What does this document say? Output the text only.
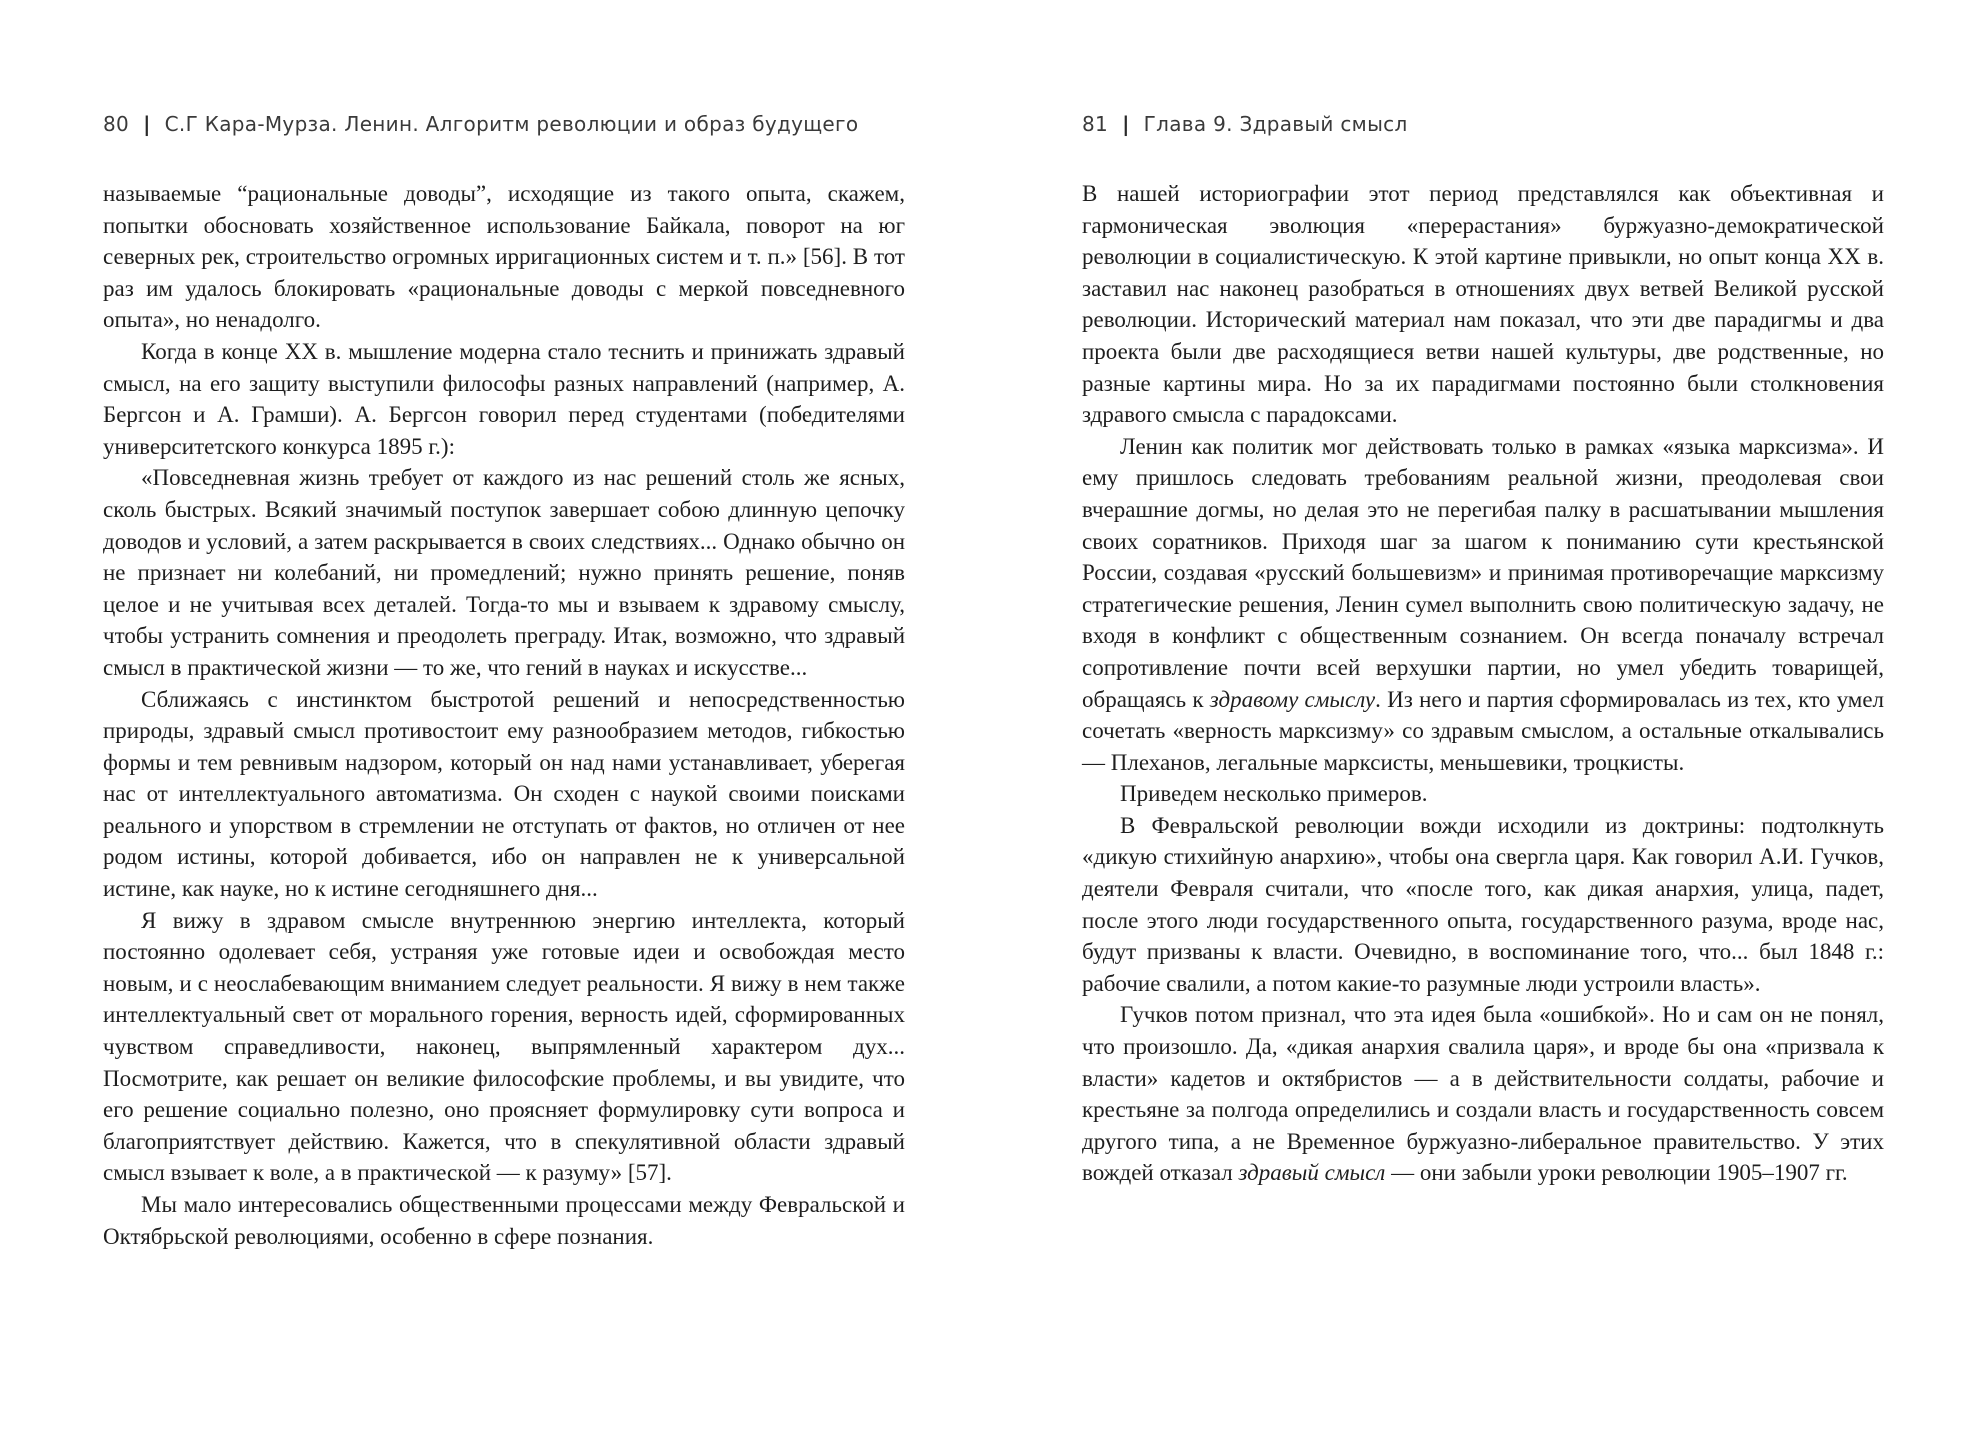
80 | С.Г Кара-Мурза. Ленин. Алгоритм революции и образ будущего

называемые “рациональные доводы”, исходящие из такого опыта, скажем, попытки обосновать хозяйственное использование Байкала, поворот на юг северных рек, строительство огромных ирригационных систем и т. п.» [56]. В тот раз им удалось блокировать «рациональные доводы с меркой повседневного опыта», но ненадолго.

Когда в конце XX в. мышление модерна стало теснить и принижать здравый смысл, на его защиту выступили философы разных направлений (например, А. Бергсон и А. Грамши). А. Бергсон говорил перед студентами (победителями университетского конкурса 1895 г.):

«Повседневная жизнь требует от каждого из нас решений столь же ясных, сколь быстрых. Всякий значимый поступок завершает собою длинную цепочку доводов и условий, а затем раскрывается в своих следствиях... Однако обычно он не признает ни колебаний, ни промедлений; нужно принять решение, поняв целое и не учитывая всех деталей. Тогда-то мы и взываем к здравому смыслу, чтобы устранить сомнения и преодолеть преграду. Итак, возможно, что здравый смысл в практической жизни — то же, что гений в науках и искусстве...

Сближаясь с инстинктом быстротой решений и непосредственностью природы, здравый смысл противостоит ему разнообразием методов, гибкостью формы и тем ревнивым надзором, который он над нами устанавливает, уберегая нас от интеллектуального автоматизма. Он сходен с наукой своими поисками реального и упорством в стремлении не отступать от фактов, но отличен от нее родом истины, которой добивается, ибо он направлен не к универсальной истине, как науке, но к истине сегодняшнего дня...

Я вижу в здравом смысле внутреннюю энергию интеллекта, который постоянно одолевает себя, устраняя уже готовые идеи и освобождая место новым, и с неослабевающим вниманием следует реальности. Я вижу в нем также интеллектуальный свет от морального горения, верность идей, сформированных чувством справедливости, наконец, выпрямленный характером дух... Посмотрите, как решает он великие философские проблемы, и вы увидите, что его решение социально полезно, оно проясняет формулировку сути вопроса и благоприятствует действию. Кажется, что в спекулятивной области здравый смысл взывает к воле, а в практической — к разуму» [57].

Мы мало интересовались общественными процессами между Февральской и Октябрьской революциями, особенно в сфере познания.

81 | Глава 9. Здравый смысл

В нашей историографии этот период представлялся как объективная и гармоническая эволюция «перерастания» буржуазно-демократической революции в социалистическую. К этой картине привыкли, но опыт конца XX в. заставил нас наконец разобраться в отношениях двух ветвей Великой русской революции. Исторический материал нам показал, что эти две парадигмы и два проекта были две расходящиеся ветви нашей культуры, две родственные, но разные картины мира. Но за их парадигмами постоянно были столкновения здравого смысла с парадоксами.

Ленин как политик мог действовать только в рамках «языка марксизма». И ему пришлось следовать требованиям реальной жизни, преодолевая свои вчерашние догмы, но делая это не перегибая палку в расшатывании мышления своих соратников. Приходя шаг за шагом к пониманию сути крестьянской России, создавая «русский большевизм» и принимая противоречащие марксизму стратегические решения, Ленин сумел выполнить свою политическую задачу, не входя в конфликт с общественным сознанием. Он всегда поначалу встречал сопротивление почти всей верхушки партии, но умел убедить товарищей, обращаясь к здравому смыслу. Из него и партия сформировалась из тех, кто умел сочетать «верность марксизму» со здравым смыслом, а остальные откалывались — Плеханов, легальные марксисты, меньшевики, троцкисты.

Приведем несколько примеров.

В Февральской революции вожди исходили из доктрины: подтолкнуть «дикую стихийную анархию», чтобы она свергла царя. Как говорил А.И. Гучков, деятели Февраля считали, что «после того, как дикая анархия, улица, падет, после этого люди государственного опыта, государственного разума, вроде нас, будут призваны к власти. Очевидно, в воспоминание того, что... был 1848 г.: рабочие свалили, а потом какие-то разумные люди устроили власть».

Гучков потом признал, что эта идея была «ошибкой». Но и сам он не понял, что произошло. Да, «дикая анархия свалила царя», и вроде бы она «призвала к власти» кадетов и октябристов — а в действительности солдаты, рабочие и крестьяне за полгода определились и создали власть и государственность совсем другого типа, а не Временное буржуазно-либеральное правительство. У этих вождей отказал здравый смысл — они забыли уроки революции 1905–1907 гг.
